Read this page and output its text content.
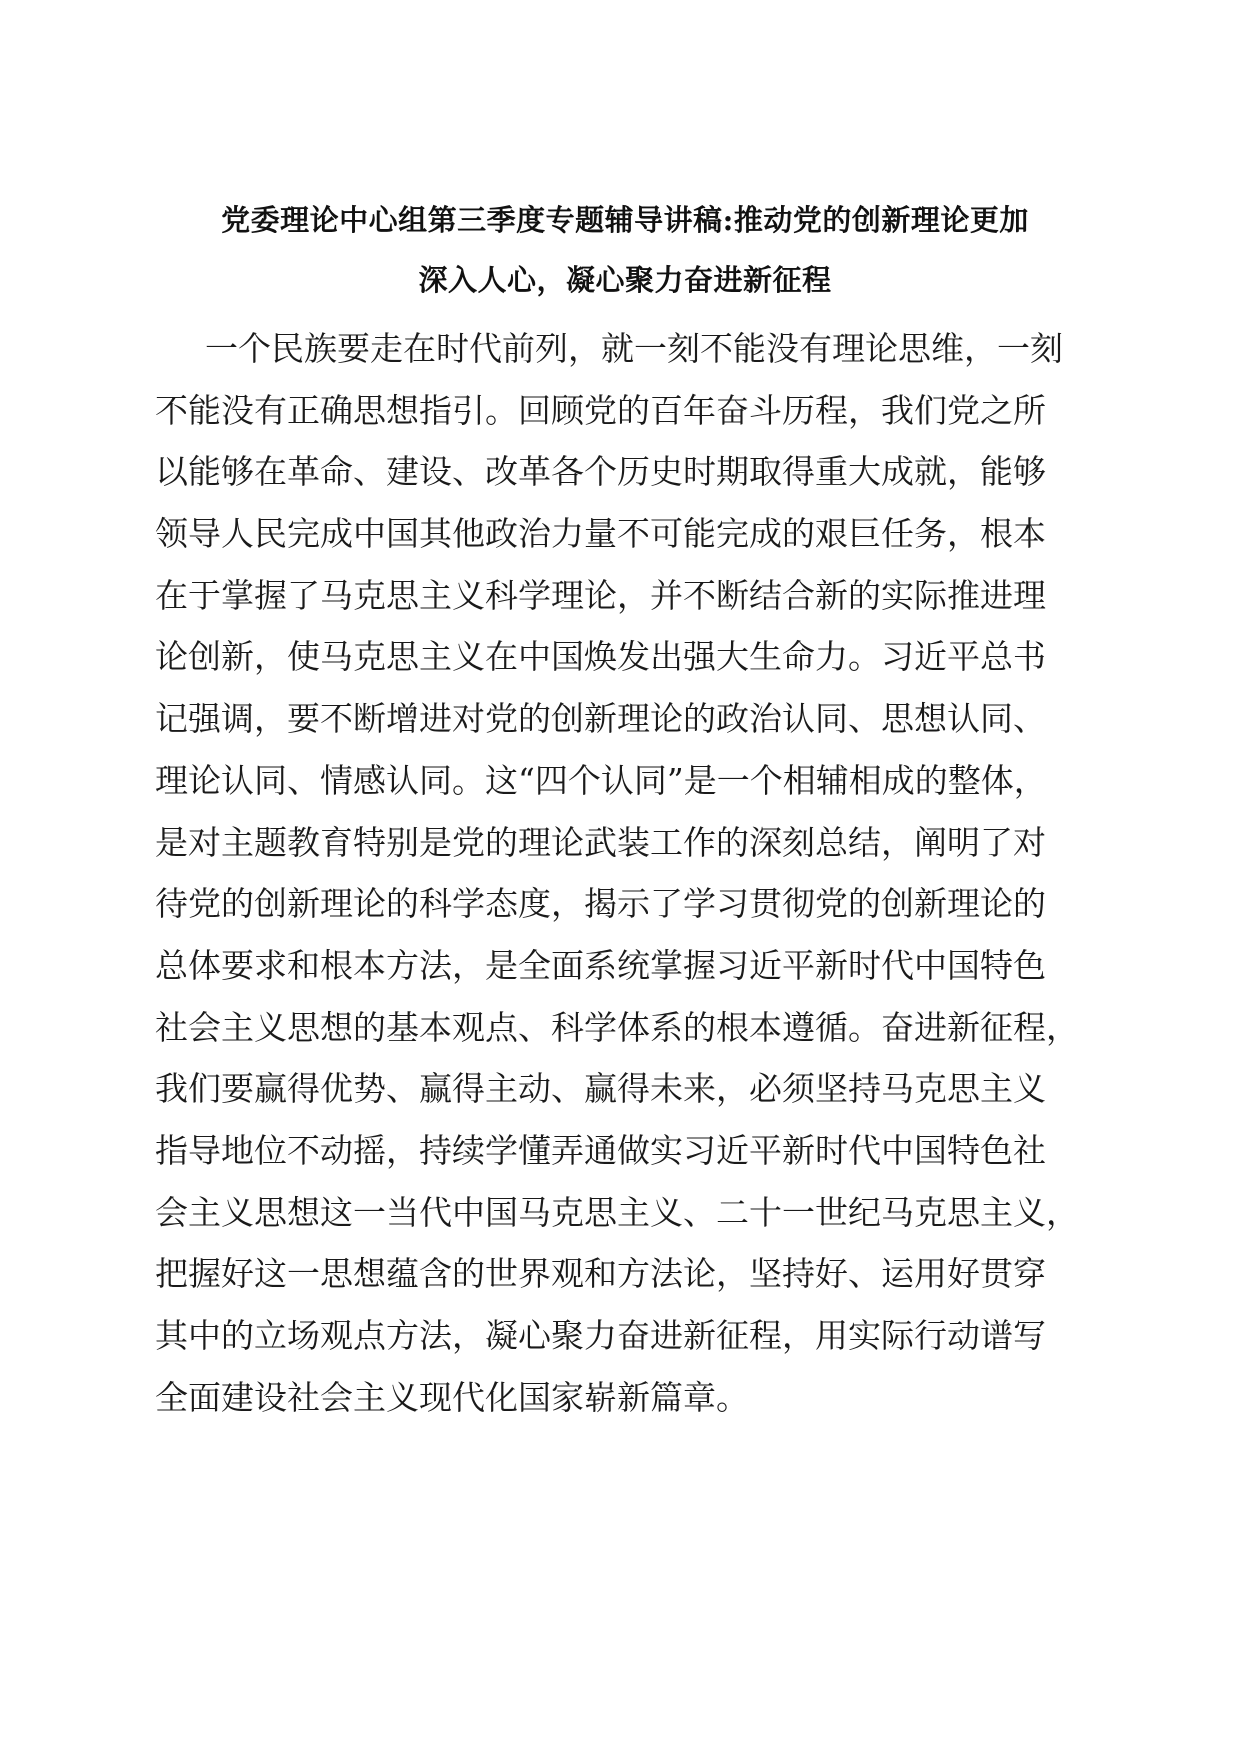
党委理论中心组第三季度专题辅导讲稿:推动党的创新理论更加
深入人心，凝心聚力奋进新征程
一个民族要走在时代前列，就一刻不能没有理论思维，一刻
不能没有正确思想指引。回顾党的百年奋斗历程，我们党之所
以能够在革命、建设、改革各个历史时期取得重大成就，能够
领导人民完成中国其他政治力量不可能完成的艰巨任务，根本
在于掌握了马克思主义科学理论，并不断结合新的实际推进理
论创新，使马克思主义在中国焕发出强大生命力。习近平总书
记强调，要不断增进对党的创新理论的政治认同、思想认同、
理论认同、情感认同。这“四个认同”是一个相辅相成的整体，
是对主题教育特别是党的理论武装工作的深刻总结，阐明了对
待党的创新理论的科学态度，揭示了学习贯彻党的创新理论的
总体要求和根本方法，是全面系统掌握习近平新时代中国特色
社会主义思想的基本观点、科学体系的根本遵循。奋进新征程，
我们要赢得优势、赢得主动、赢得未来，必须坚持马克思主义
指导地位不动摇，持续学懂弄通做实习近平新时代中国特色社
会主义思想这一当代中国马克思主义、二十一世纪马克思主义，
把握好这一思想蕴含的世界观和方法论，坚持好、运用好贯穿
其中的立场观点方法，凝心聚力奋进新征程，用实际行动谱写
全面建设社会主义现代化国家崭新篇章。
